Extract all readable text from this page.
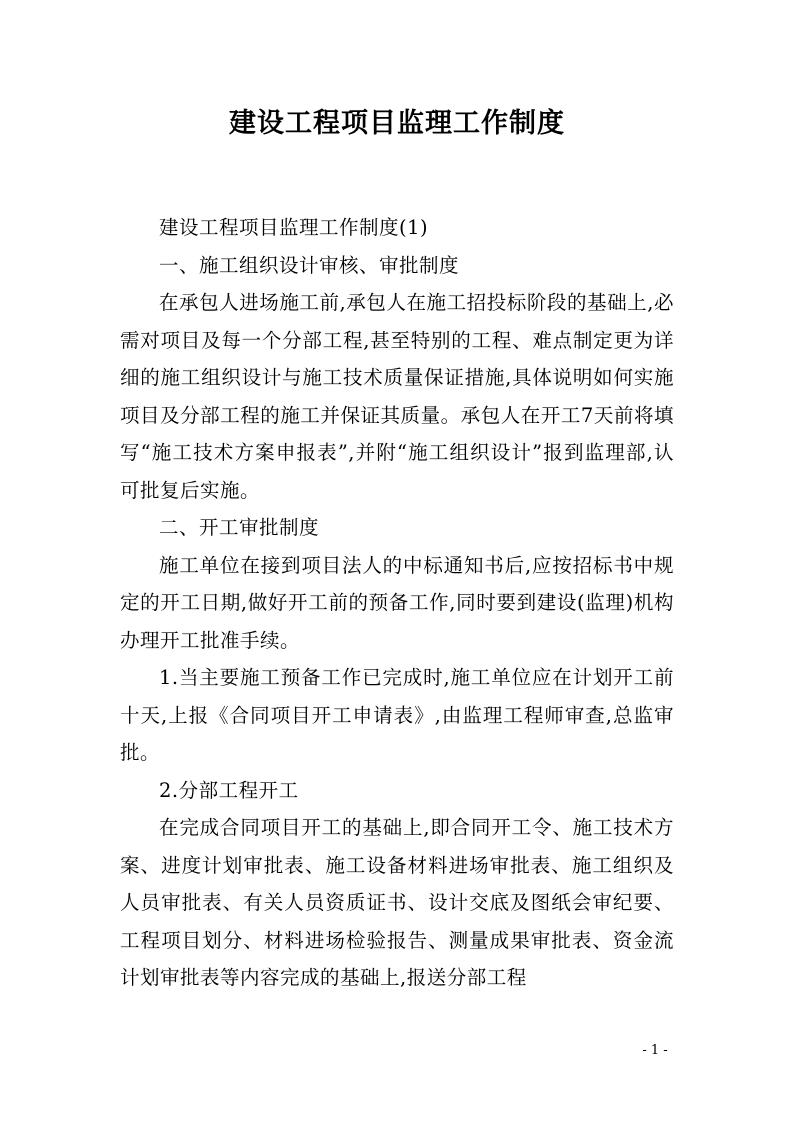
建设工程项目监理工作制度

建设工程项目监理工作制度(1)

一、施工组织设计审核、审批制度

在承包人进场施工前,承包人在施工招投标阶段的基础上,必需对项目及每一个分部工程,甚至特别的工程、难点制定更为详细的施工组织设计与施工技术质量保证措施,具体说明如何实施项目及分部工程的施工并保证其质量。承包人在开工7天前将填写“施工技术方案申报表”,并附“施工组织设计”报到监理部,认可批复后实施。

二、开工审批制度

施工单位在接到项目法人的中标通知书后,应按招标书中规定的开工日期,做好开工前的预备工作,同时要到建设(监理)机构办理开工批准手续。

1.当主要施工预备工作已完成时,施工单位应在计划开工前十天,上报《合同项目开工申请表》,由监理工程师审查,总监审批。

2.分部工程开工

在完成合同项目开工的基础上,即合同开工令、施工技术方案、进度计划审批表、施工设备材料进场审批表、施工组织及人员审批表、有关人员资质证书、设计交底及图纸会审纪要、工程项目划分、材料进场检验报告、测量成果审批表、资金流计划审批表等内容完成的基础上,报送分部工程

- 1 -
